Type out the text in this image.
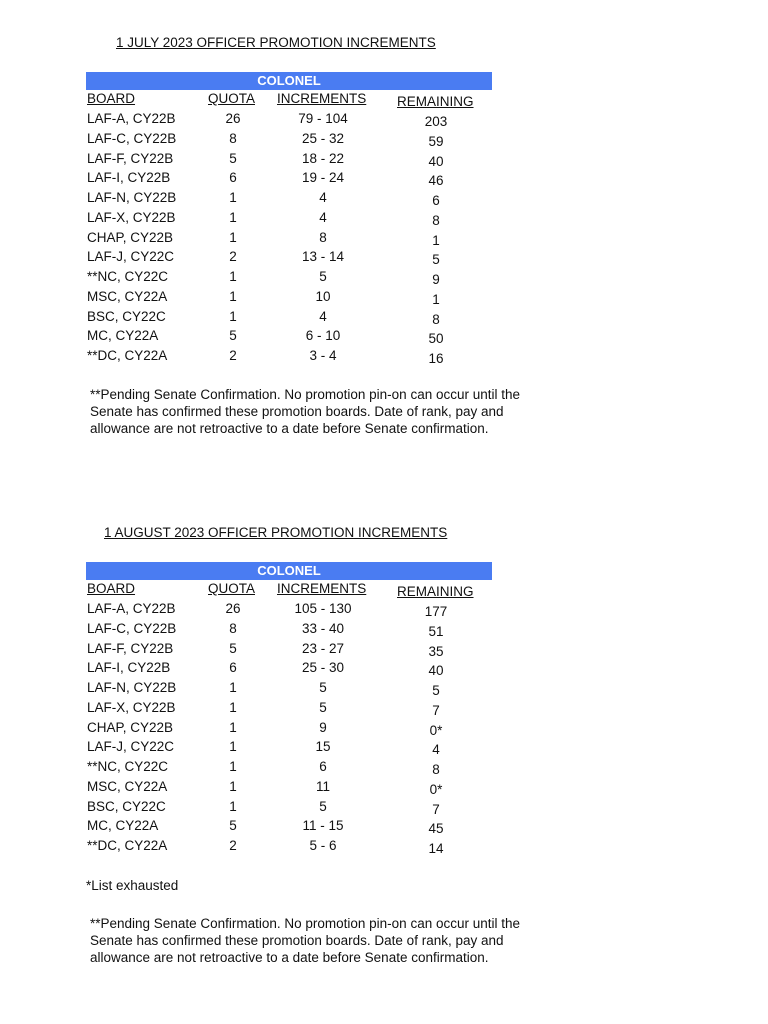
1 JULY 2023 OFFICER PROMOTION INCREMENTS
COLONEL
BOARD	QUOTA INCREMENTS REMAINING
LAF-A, CY22B	26	79 - 104	203
LAF-C, CY22B	8	25 - 32	59
LAF-F, CY22B	5	18 - 22	40
LAF-I, CY22B	6	19 - 24	46
LAF-N, CY22B	1	4	6
LAF-X, CY22B	1	4	8
CHAP, CY22B	1	8	1
LAF-J, CY22C	2	13 - 14	5
**NC, CY22C	1	5	9
MSC, CY22A	1	10	1
BSC, CY22C	1	4	8
MC, CY22A	5	6 - 10	50
**DC, CY22A	2	3 - 4	16
**Pending Senate Confirmation. No promotion pin-on can occur until the Senate has confirmed these promotion boards. Date of rank, pay and allowance are not retroactive to a date before Senate confirmation.
1 AUGUST 2023 OFFICER PROMOTION INCREMENTS
COLONEL
BOARD	QUOTA INCREMENTS REMAINING
LAF-A, CY22B	26	105 - 130	177
LAF-C, CY22B	8	33 - 40	51
LAF-F, CY22B	5	23 - 27	35
LAF-I, CY22B	6	25 - 30	40
LAF-N, CY22B	1	5	5
LAF-X, CY22B	1	5	7
CHAP, CY22B	1	9	0*
LAF-J, CY22C	1	15	4
**NC, CY22C	1	6	8
MSC, CY22A	1	11	0*
BSC, CY22C	1	5	7
MC, CY22A	5	11 - 15	45
**DC, CY22A	2	5 - 6	14
*List exhausted
**Pending Senate Confirmation. No promotion pin-on can occur until the Senate has confirmed these promotion boards. Date of rank, pay and allowance are not retroactive to a date before Senate confirmation.
